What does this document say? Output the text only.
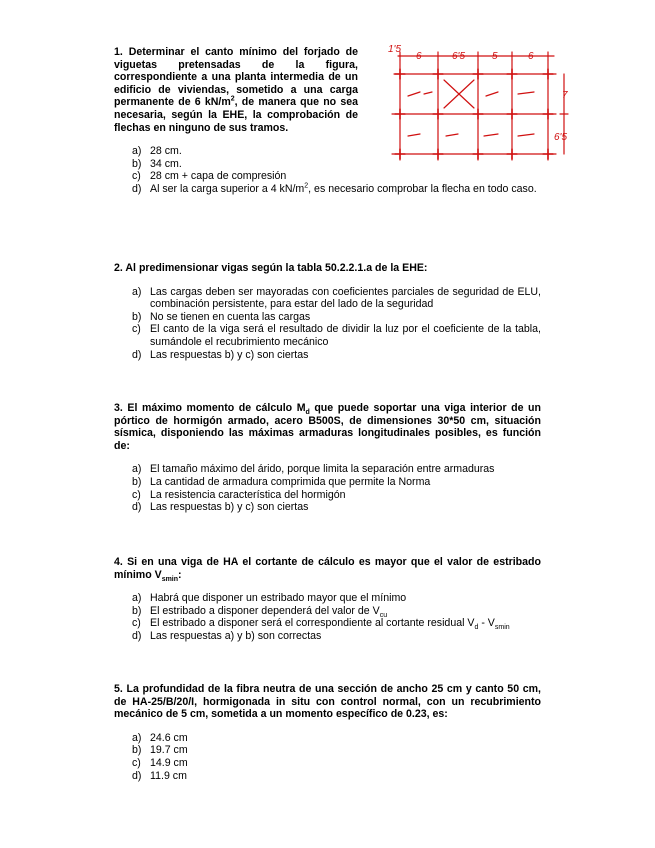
1. Determinar el canto mínimo del forjado de viguetas pretensadas de la figura, correspondiente a una planta intermedia de un edificio de viviendas, sometido a una carga permanente de 6 $kN/m^2$, de manera que no sea necesaria, según la EHE, la comprobación de flechas en ninguno de sus tramos.
a) 28 cm.
b) 34 cm.
c) 28 cm + capa de compresión
d) Al ser la carga superior a 4 $kN/m^2$, es necesario comprobar la flecha en todo caso.
1'5
6	6'5	5	6
7
6'5
2. Al predimensionar vigas según la tabla 50.2.2.1.a de la EHE:
a) Las cargas deben ser mayoradas con coeficientes parciales de seguridad de ELU, combinación persistente, para estar del lado de la seguridad
b) No se tienen en cuenta las cargas
c) El canto de la viga será el resultado de dividir la luz por el coeficiente de la tabla, sumándole el recubrimiento mecánico
d) Las respuestas b) y c) son ciertas
3. El máximo momento de cálculo $M_d$ que puede soportar una viga interior de un pórtico de hormigón armado, acero B500S, de dimensiones 30*50 cm, situación sísmica, disponiendo las máximas armaduras longitudinales posibles, es función de:
a) El tamaño máximo del árido, porque limita la separación entre armaduras
b) La cantidad de armadura comprimida que permite la Norma
c) La resistencia característica del hormigón
d) Las respuestas b) y c) son ciertas
4. Si en una viga de HA el cortante de cálculo es mayor que el valor de estribado mínimo $V_{smin}$:
a) Habrá que disponer un estribado mayor que el mínimo
b) El estribado a disponer dependerá del valor de $V_{cu}$
c) El estribado a disponer será el correspondiente al cortante residual $V_d - V_{smin}$
d) Las respuestas a) y b) son correctas
5. La profundidad de la fibra neutra de una sección de ancho 25 cm y canto 50 cm, de HA-25/B/20/I, hormigonada in situ con control normal, con un recubrimiento mecánico de 5 cm, sometida a un momento específico de 0.23, es:
a) 24.6 cm
b) 19.7 cm
c) 14.9 cm
d) 11.9 cm
